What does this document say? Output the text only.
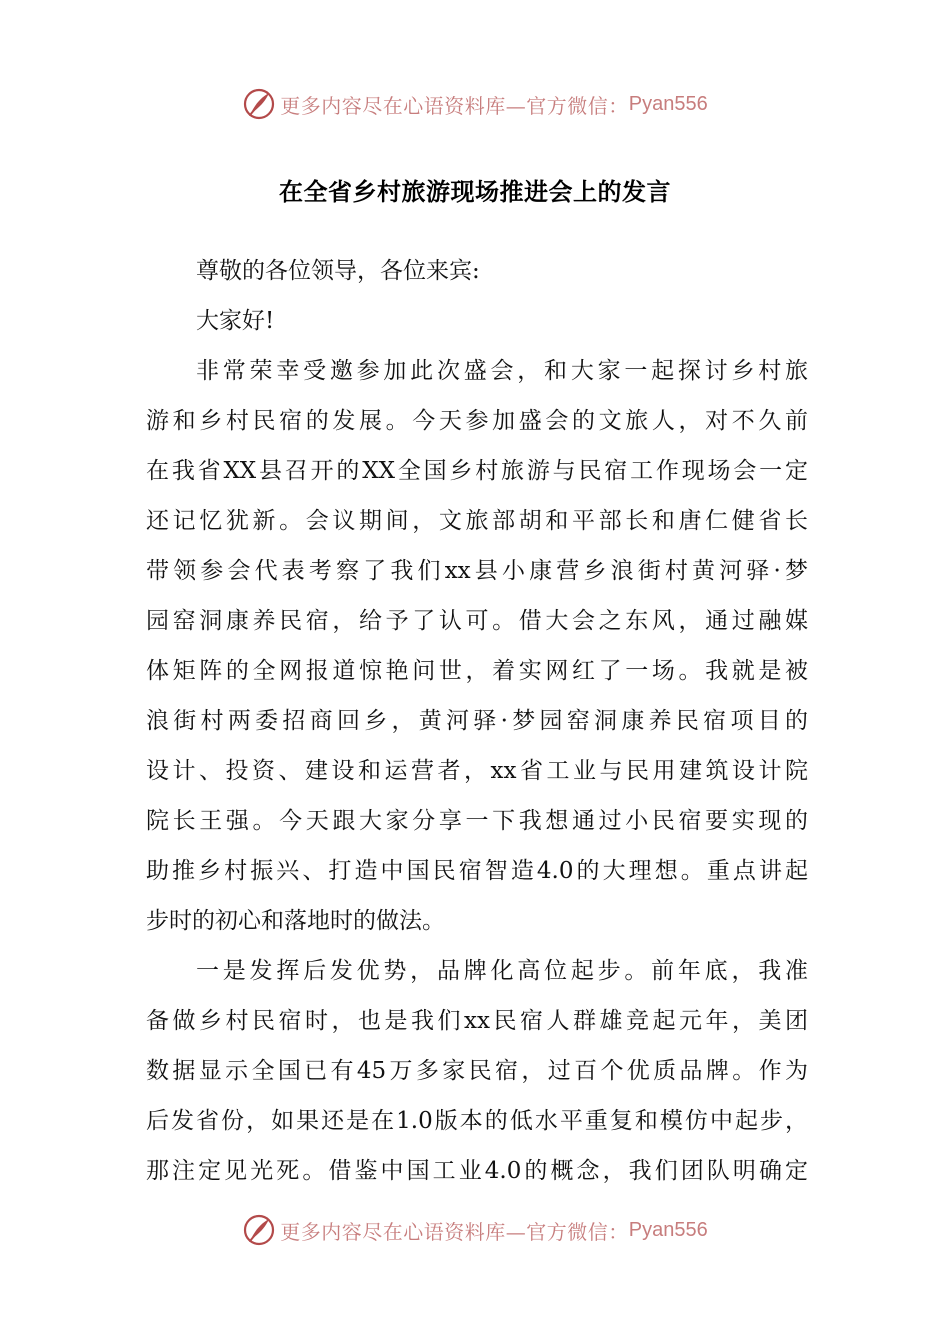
更多内容尽在心语资料库—官方微信： Pyan556
在全省乡村旅游现场推进会上的发言
尊敬的各位领导，各位来宾:
大家好!
非常荣幸受邀参加此次盛会，和大家一起探讨乡村旅
游和乡村民宿的发展。今天参加盛会的文旅人，对不久前
在我省XX县召开的XX全国乡村旅游与民宿工作现场会一定
还记忆犹新。会议期间，文旅部胡和平部长和唐仁健省长
带领参会代表考察了我们xx县小康营乡浪街村黄河驿·梦
园窑洞康养民宿，给予了认可。借大会之东风，通过融媒
体矩阵的全网报道惊艳问世，着实网红了一场。我就是被
浪街村两委招商回乡，黄河驿·梦园窑洞康养民宿项目的
设计、投资、建设和运营者，xx省工业与民用建筑设计院
院长王强。今天跟大家分享一下我想通过小民宿要实现的
助推乡村振兴、打造中国民宿智造4.0的大理想。重点讲起
步时的初心和落地时的做法。
一是发挥后发优势，品牌化高位起步。前年底，我准
备做乡村民宿时，也是我们xx民宿人群雄竞起元年，美团
数据显示全国已有45万多家民宿，过百个优质品牌。作为
后发省份，如果还是在1.0版本的低水平重复和模仿中起步，
那注定见光死。借鉴中国工业4.0的概念，我们团队明确定
更多内容尽在心语资料库—官方微信： Pyan556
